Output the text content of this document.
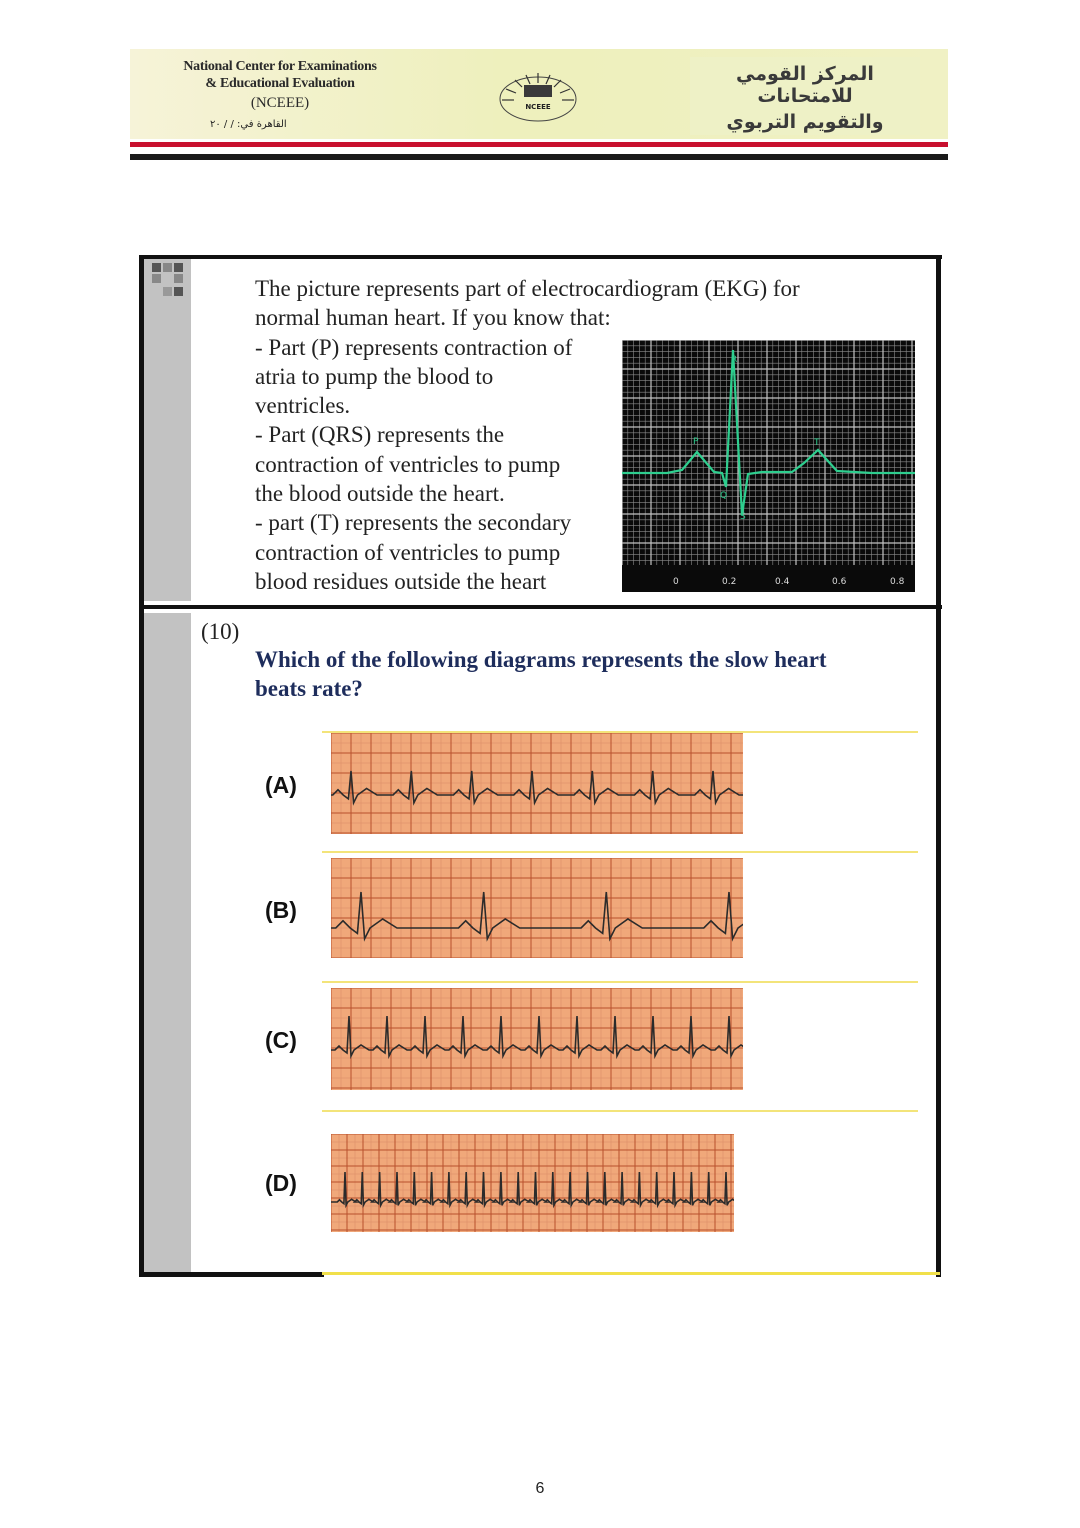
National Center for Examinations
& Educational Evaluation
(NCEEE)
القاهرة في: / / ٢٠
NCEEE
المركز القومي للامتحانات
والتقويم التربوي
The picture represents part of electrocardiogram (EKG) for
normal human heart. If you know that:
- Part (P) represents contraction of
atria to pump the blood to
ventricles.
- Part (QRS) represents the
contraction of ventricles to pump
the blood outside the heart.
- part (T) represents the secondary
contraction of ventricles to pump
blood residues outside the heart
R
P
Q
S
T
0	0.2	0.4	0.6	0.8
(10)
Which of the following diagrams represents the slow heart
beats rate?
(A)
(B)
(C)
(D)
6
